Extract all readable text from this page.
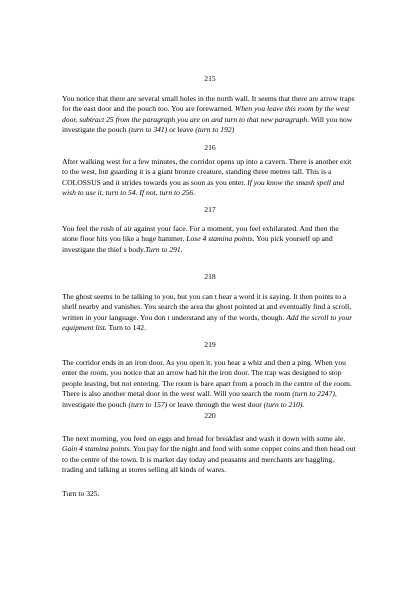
215

You notice that there are several small holes in the north wall. It seems that there are arrow traps for the east door and the pouch too. You are forewarned. When you leave this room by the west door, subtract 25 from the paragraph you are on and turn to that new paragraph. Will you now investigate the pouch (turn to 341) or leave (turn to 192)

216

After walking west for a few minutes, the corridor opens up into a cavern. There is another exit to the west, but guarding it is a giant bronze creature, standing three metres tall. This is a COLOSSUS and it strides towards you as soon as you enter. If you know the smash spell and wish to use it, turn to 54. If not, turn to 256.

217

You feel the rush of air against your face. For a moment, you feel exhilarated. And then the stone floor hits you like a huge hammer. Lose 4 stamina points. You pick yourself up and investigate the thief s body.Turn to 291.

218

The ghost seems to be talking to you, but you can t hear a word it is saying. It then points to a shelf nearby and vanishes. You search the area the ghost pointed at and eventually find a scroll, written in your language. You don t understand any of the words, though. Add the scroll to your equipment list. Turn to 142.

219

The corridor ends in an iron door. As you open it, you hear a whiz and then a ping. When you enter the room, you notice that an arrow had hit the iron door. The trap was designed to stop people leaving, but not entering. The room is bare apart from a pouch in the centre of the room. There is also another metal door in the west wall. Will you search the room (turn to 224?), investigate the pouch (turn to 157) or leave through the west door (turn to 210).

220

The next morning, you feed on eggs and bread for breakfast and wash it down with some ale. Gain 4 stamina points. You pay for the night and food with some copper coins and then head out to the centre of the town. It is market day today and peasants and merchants are haggling, trading and talking at stores selling all kinds of wares.

Turn to 325.
